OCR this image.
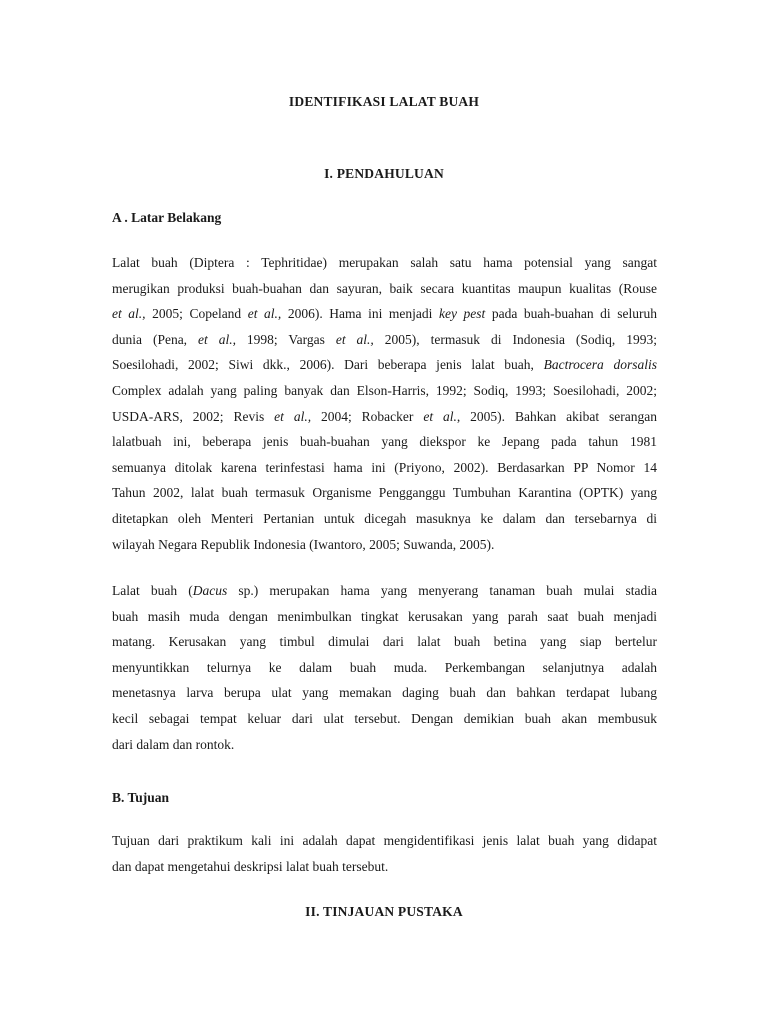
IDENTIFIKASI LALAT BUAH
I. PENDAHULUAN
A . Latar Belakang
Lalat buah (Diptera : Tephritidae) merupakan salah satu hama potensial yang sangat
merugikan produksi buah-buahan dan sayuran, baik secara kuantitas maupun kualitas (Rouse
et al., 2005; Copeland et al., 2006). Hama ini menjadi key pest pada buah-buahan di seluruh
dunia (Pena, et al., 1998; Vargas et al., 2005), termasuk di Indonesia (Sodiq, 1993;
Soesilohadi, 2002; Siwi dkk., 2006). Dari beberapa jenis lalat buah, Bactrocera dorsalis
Complex adalah yang paling banyak dan Elson-Harris, 1992; Sodiq, 1993; Soesilohadi, 2002;
USDA-ARS, 2002; Revis et al., 2004; Robacker et al., 2005). Bahkan akibat serangan
lalatbuah ini, beberapa jenis buah-buahan yang diekspor ke Jepang pada tahun 1981
semuanya ditolak karena terinfestasi hama ini (Priyono, 2002). Berdasarkan PP Nomor 14
Tahun 2002, lalat buah termasuk Organisme Pengganggu Tumbuhan Karantina (OPTK) yang
ditetapkan oleh Menteri Pertanian untuk dicegah masuknya ke dalam dan tersebarnya di
wilayah Negara Republik Indonesia (Iwantoro, 2005; Suwanda, 2005).
Lalat buah (Dacus sp.) merupakan hama yang menyerang tanaman buah mulai stadia
buah masih muda dengan menimbulkan tingkat kerusakan yang parah saat buah menjadi
matang. Kerusakan yang timbul dimulai dari lalat buah betina yang siap bertelur
menyuntikkan telurnya ke dalam buah muda. Perkembangan selanjutnya adalah
menetasnya larva berupa ulat yang memakan daging buah dan bahkan terdapat lubang
kecil sebagai tempat keluar dari ulat tersebut. Dengan demikian buah akan membusuk
dari dalam dan rontok.
B. Tujuan
Tujuan dari praktikum kali ini adalah dapat mengidentifikasi jenis lalat buah yang didapat
dan dapat mengetahui deskripsi lalat buah tersebut.
II. TINJAUAN PUSTAKA
